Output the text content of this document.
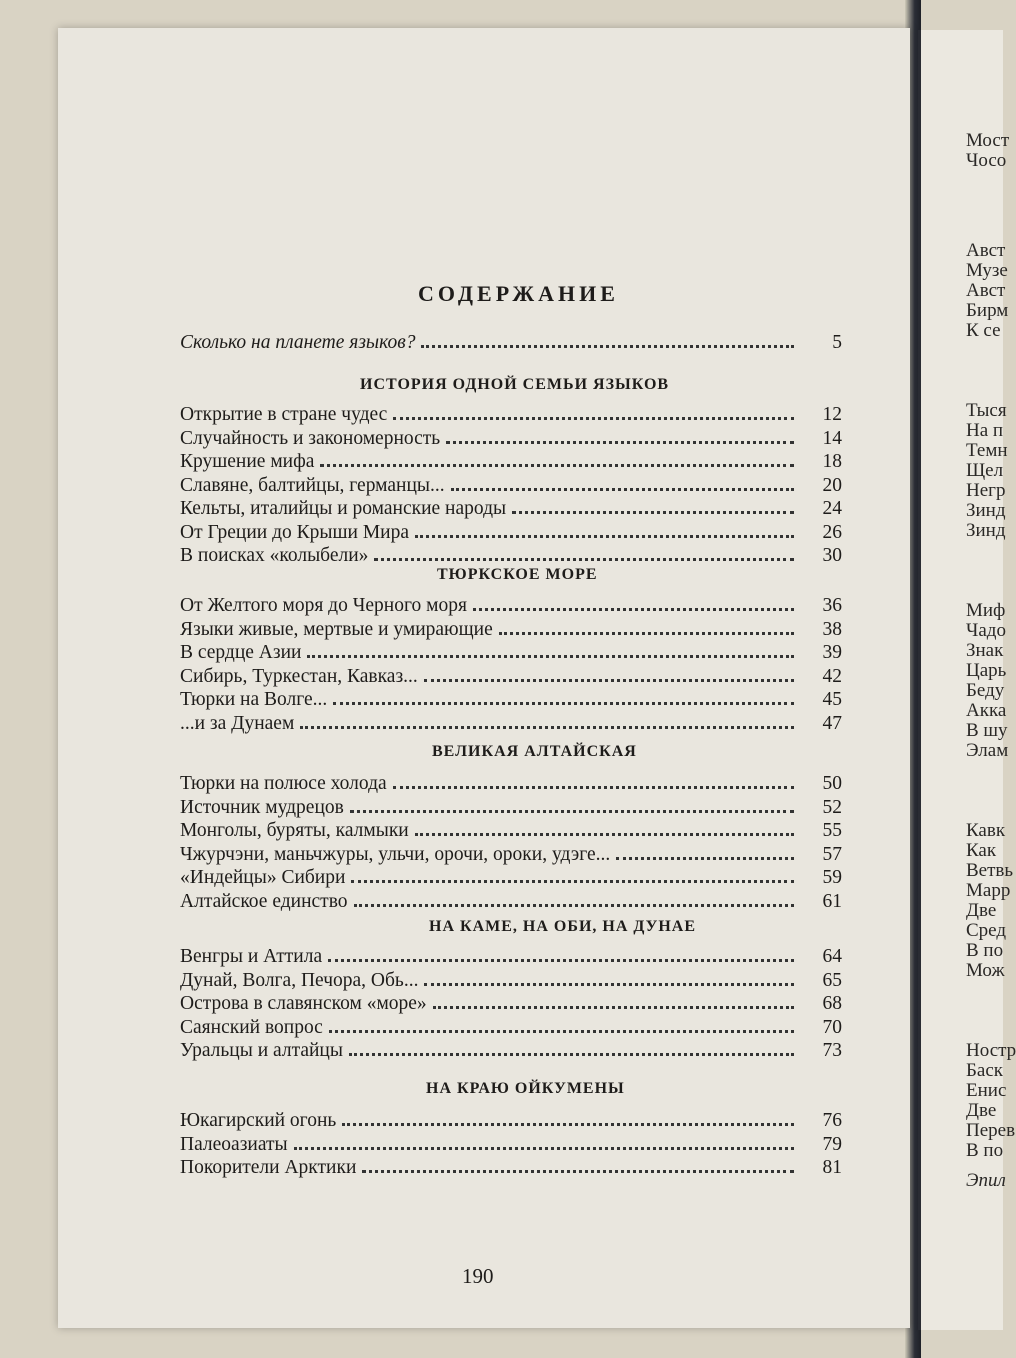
Мост
Чосо
Авст
Музе
Авст
Бирм
К се
Тыся
На п
Темн
Щел
Негр
Зинд
Зинд
Миф
Чадо
Знак
Царь
Беду
Акка
В шу
Элам
Кавк
Как
Ветвь
Марр
Две
Сред
В по
Мож
Ностр
Баск
Енис
Две
Перев
В по
Эпил
СОДЕРЖАНИЕ
Сколько на планете языков?	5
ИСТОРИЯ ОДНОЙ СЕМЬИ ЯЗЫКОВ
Открытие в стране чудес	12
Случайность и закономерность	14
Крушение мифа	18
Славяне, балтийцы, германцы...	20
Кельты, италийцы и романские народы	24
От Греции до Крыши Мира	26
В поисках «колыбели»	30
ТЮРКСКОЕ МОРЕ
От Желтого моря до Черного моря	36
Языки живые, мертвые и умирающие	38
В сердце Азии	39
Сибирь, Туркестан, Кавказ...	42
Тюрки на Волге...	45
...и за Дунаем	47
ВЕЛИКАЯ АЛТАЙСКАЯ
Тюрки на полюсе холода	50
Источник мудрецов	52
Монголы, буряты, калмыки	55
Чжурчэни, маньчжуры, ульчи, орочи, ороки, удэге...	57
«Индейцы» Сибири	59
Алтайское единство	61
НА КАМЕ, НА ОБИ, НА ДУНАЕ
Венгры и Аттила	64
Дунай, Волга, Печора, Обь...	65
Острова в славянском «море»	68
Саянский вопрос	70
Уральцы и алтайцы	73
НА КРАЮ ОЙКУМЕНЫ
Юкагирский огонь	76
Палеоазиаты	79
Покорители Арктики	81
190
